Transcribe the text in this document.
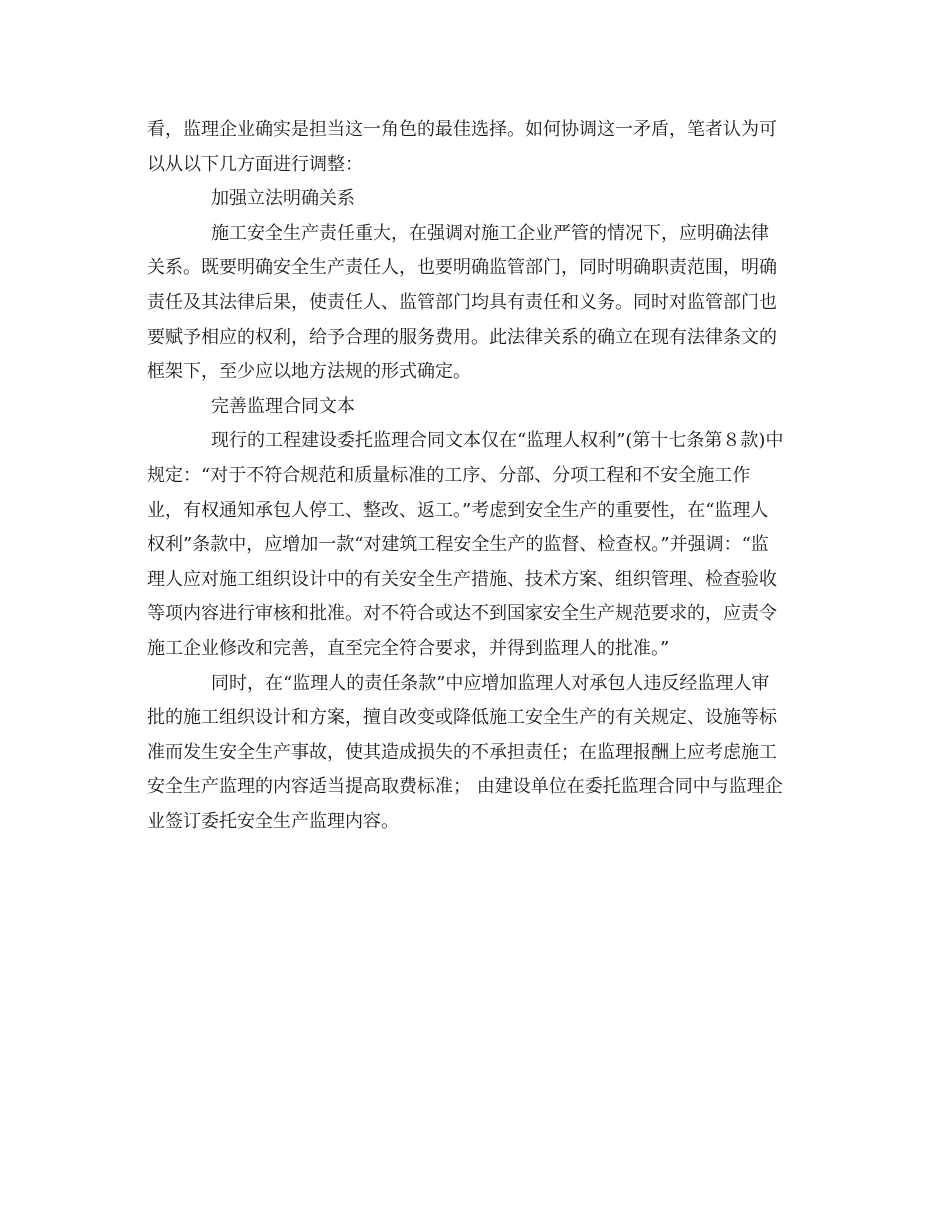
看，监理企业确实是担当这一角色的最佳选择。如何协调这一矛盾，笔者认为可

以从以下几方面进行调整：

加强立法明确关系

施工安全生产责任重大，在强调对施工企业严管的情况下，应明确法律

关系。既要明确安全生产责任人，也要明确监管部门，同时明确职责范围，明确

责任及其法律后果，使责任人、监管部门均具有责任和义务。同时对监管部门也

要赋予相应的权利，给予合理的服务费用。此法律关系的确立在现有法律条文的

框架下，至少应以地方法规的形式确定。

完善监理合同文本

现行的工程建设委托监理合同文本仅在“监理人权利”(第十七条第８款)中

规定：“对于不符合规范和质量标准的工序、分部、分项工程和不安全施工作

业，有权通知承包人停工、整改、返工。”考虑到安全生产的重要性，在“监理人

权利”条款中，应增加一款“对建筑工程安全生产的监督、检查权。”并强调：“监

理人应对施工组织设计中的有关安全生产措施、技术方案、组织管理、检查验收

等项内容进行审核和批准。对不符合或达不到国家安全生产规范要求的，应责令

施工企业修改和完善，直至完全符合要求，并得到监理人的批准。”

同时，在“监理人的责任条款”中应增加监理人对承包人违反经监理人审

批的施工组织设计和方案，擅自改变或降低施工安全生产的有关规定、设施等标

准而发生安全生产事故，使其造成损失的不承担责任；在监理报酬上应考虑施工

安全生产监理的内容适当提高取费标准； 由建设单位在委托监理合同中与监理企

业签订委托安全生产监理内容。
